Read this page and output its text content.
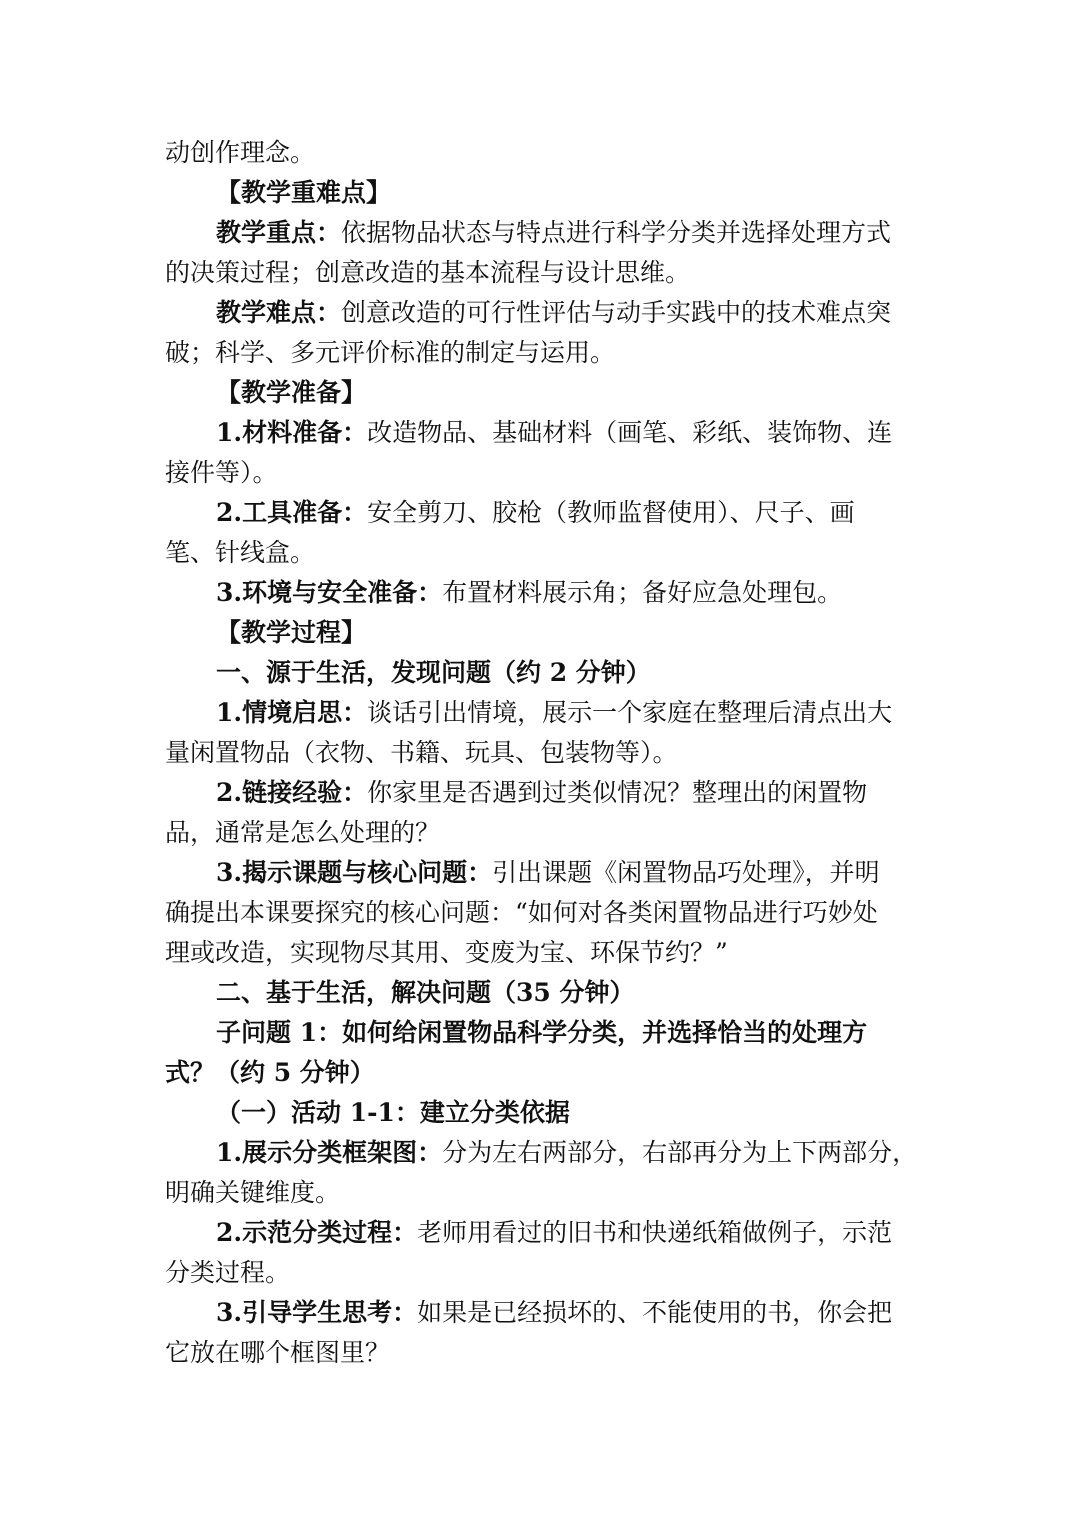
动创作理念。
【教学重难点】
教学重点：依据物品状态与特点进行科学分类并选择处理方式
的决策过程；创意改造的基本流程与设计思维。
教学难点：创意改造的可行性评估与动手实践中的技术难点突
破；科学、多元评价标准的制定与运用。
【教学准备】
1.材料准备：改造物品、基础材料（画笔、彩纸、装饰物、连
接件等）。
2.工具准备：安全剪刀、胶枪（教师监督使用）、尺子、画
笔、针线盒。
3.环境与安全准备：布置材料展示角；备好应急处理包。
【教学过程】
一、源于生活，发现问题（约 2 分钟）
1.情境启思：谈话引出情境，展示一个家庭在整理后清点出大
量闲置物品（衣物、书籍、玩具、包装物等）。
2.链接经验：你家里是否遇到过类似情况？整理出的闲置物
品，通常是怎么处理的？
3.揭示课题与核心问题：引出课题《闲置物品巧处理》，并明
确提出本课要探究的核心问题：“如何对各类闲置物品进行巧妙处
理或改造，实现物尽其用、变废为宝、环保节约？”
二、基于生活，解决问题（35 分钟）
子问题 1：如何给闲置物品科学分类，并选择恰当的处理方
式？（约 5 分钟）
（一）活动 1-1：建立分类依据
1.展示分类框架图：分为左右两部分，右部再分为上下两部分，
明确关键维度。
2.示范分类过程：老师用看过的旧书和快递纸箱做例子，示范
分类过程。
3.引导学生思考：如果是已经损坏的、不能使用的书，你会把
它放在哪个框图里？
